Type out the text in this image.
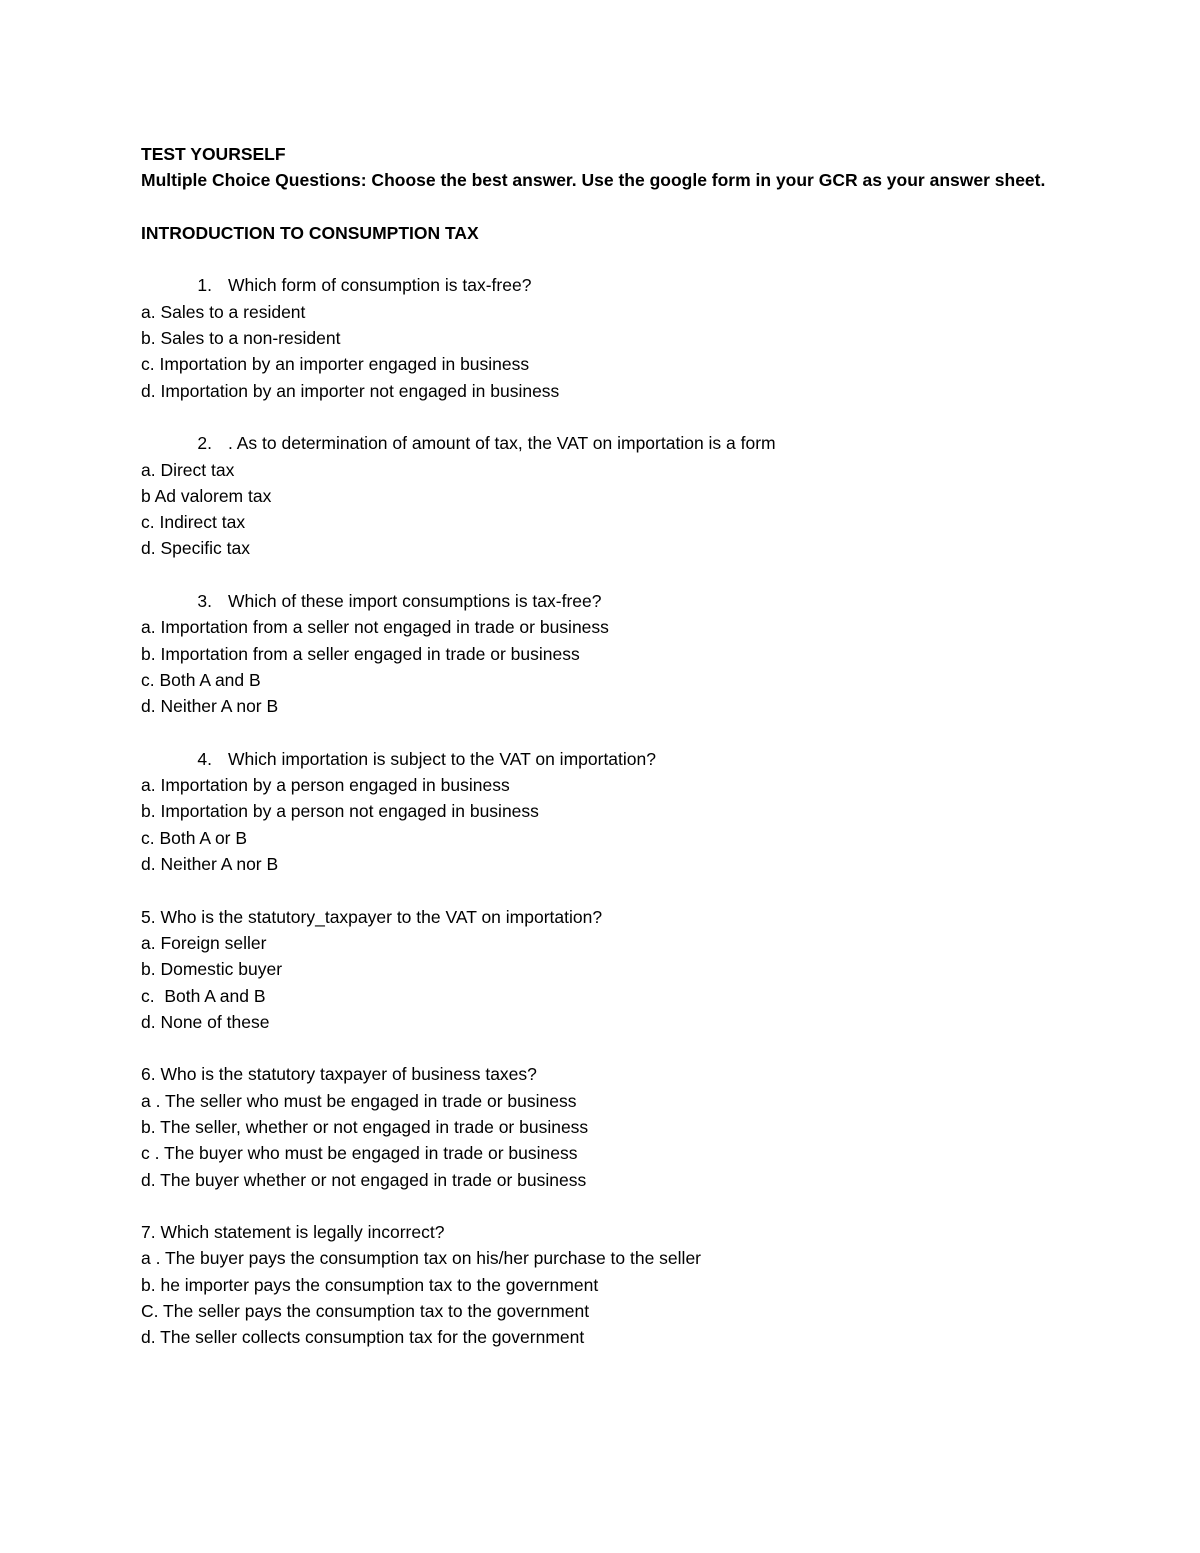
TEST YOURSELF
Multiple Choice Questions: Choose the best answer. Use the google form in your GCR as your answer sheet.
INTRODUCTION TO CONSUMPTION TAX
1. Which form of consumption is tax-free?
a. Sales to a resident
b. Sales to a non-resident
c. Importation by an importer engaged in business
d. Importation by an importer not engaged in business
2. . As to determination of amount of tax, the VAT on importation is a form
a. Direct tax
b Ad valorem tax
c. Indirect tax
d. Specific tax
3. Which of these import consumptions is tax-free?
a. Importation from a seller not engaged in trade or business
b. Importation from a seller engaged in trade or business
c. Both A and B
d. Neither A nor B
4. Which importation is subject to the VAT on importation?
a. Importation by a person engaged in business
b. Importation by a person not engaged in business
c. Both A or B
d. Neither A nor B
5. Who is the statutory_taxpayer to the VAT on importation?
a. Foreign seller
b. Domestic buyer
c.  Both A and B
d. None of these
6. Who is the statutory taxpayer of business taxes?
a . The seller who must be engaged in trade or business
b. The seller, whether or not engaged in trade or business
c . The buyer who must be engaged in trade or business
d. The buyer whether or not engaged in trade or business
7. Which statement is legally incorrect?
a . The buyer pays the consumption tax on his/her purchase to the seller
b. he importer pays the consumption tax to the government
C. The seller pays the consumption tax to the government
d. The seller collects consumption tax for the government
